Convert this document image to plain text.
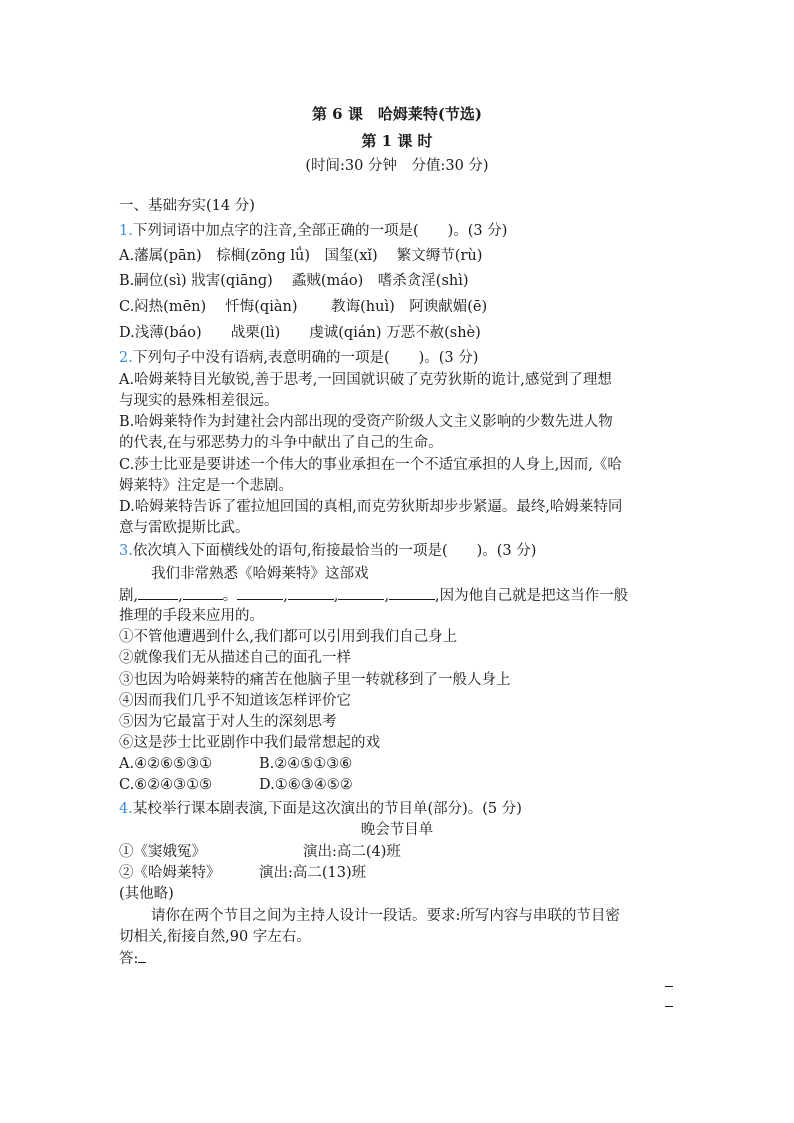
第 6 课　哈姆莱特(节选)
第 1 课 时
(时间:30 分钟　分值:30 分)
一、基础夯实(14 分)
1.下列词语中加点字的注音,全部正确的一项是(　　)。(3 分)
A.藩属(pān)　棕榈(zōng lǘ)　国玺(xǐ)　 繁文缛节(rù)
B.嗣位(sì) 戕害(qiānɡ)　 蟊贼(máo)　嗜杀贪淫(shì)
C.闷热(mēn)　 忏悔(qiàn)　　 教诲(huì)　阿谀献媚(ē)
D.浅薄(báo)　　战栗(lì)　　虔诚(qián) 万恶不赦(shè)
2.下列句子中没有语病,表意明确的一项是(　　)。(3 分)
A.哈姆莱特目光敏锐,善于思考,一回国就识破了克劳狄斯的诡计,感觉到了理想
与现实的悬殊相差很远。
B.哈姆莱特作为封建社会内部出现的受资产阶级人文主义影响的少数先进人物
的代表,在与邪恶势力的斗争中献出了自己的生命。
C.莎士比亚是要讲述一个伟大的事业承担在一个不适宜承担的人身上,因而,《哈
姆莱特》注定是一个悲剧。
D.哈姆莱特告诉了霍拉旭回国的真相,而克劳狄斯却步步紧逼。最终,哈姆莱特同
意与雷欧提斯比武。
3.依次填入下面横线处的语句,衔接最恰当的一项是(　　)。(3 分)
我们非常熟悉《哈姆莱特》这部戏
剧,	,	。	,	,	,	,因为他自己就是把这当作一般
推理的手段来应用的。
①不管他遭遇到什么,我们都可以引用到我们自己身上
②就像我们无从描述自己的面孔一样
③也因为哈姆莱特的痛苦在他脑子里一转就移到了一般人身上
④因而我们几乎不知道该怎样评价它
⑤因为它最富于对人生的深刻思考
⑥这是莎士比亚剧作中我们最常想起的戏
A.④②⑥⑤③①	B.②④⑤①③⑥
C.⑥②④③①⑤	D.①⑥③④⑤②
4.某校举行课本剧表演,下面是这次演出的节目单(部分)。(5 分)
晚会节目单
①《窦娥冤》	演出:高二(4)班
②《哈姆莱特》	演出:高二(13)班
(其他略)
请你在两个节目之间为主持人设计一段话。要求:所写内容与串联的节目密
切相关,衔接自然,90 字左右。
答:
